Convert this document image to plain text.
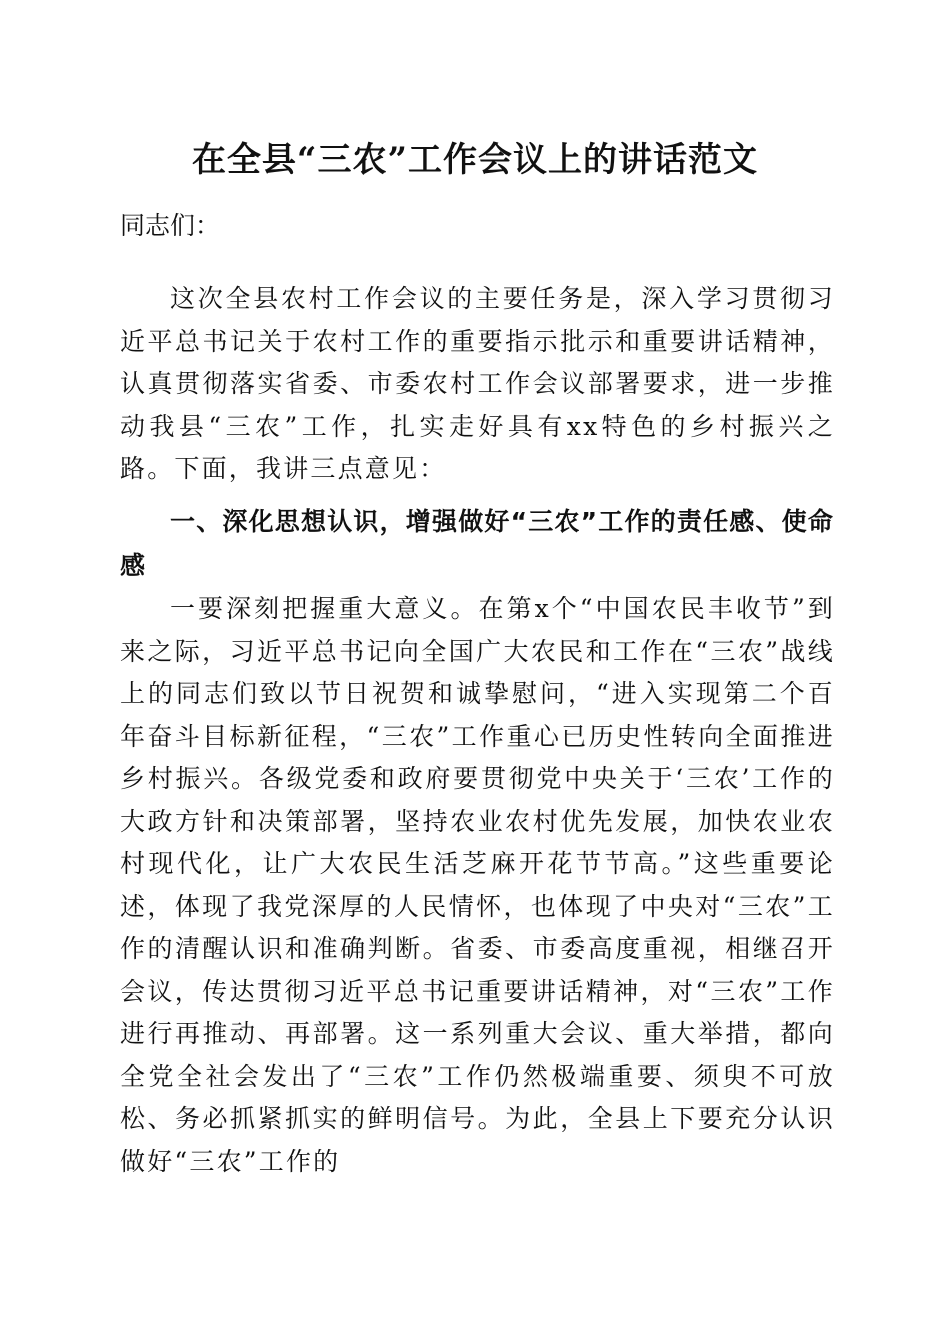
在全县“三农”工作会议上的讲话范文

同志们：

这次全县农村工作会议的主要任务是，深入学习贯彻习近平总书记关于农村工作的重要指示批示和重要讲话精神，认真贯彻落实省委、市委农村工作会议部署要求，进一步推动我县“三农”工作，扎实走好具有xx特色的乡村振兴之路。下面，我讲三点意见：

一、深化思想认识，增强做好“三农”工作的责任感、使命感

一要深刻把握重大意义。在第x个“中国农民丰收节”到来之际，习近平总书记向全国广大农民和工作在“三农”战线上的同志们致以节日祝贺和诚挚慰问，“进入实现第二个百年奋斗目标新征程，“三农”工作重心已历史性转向全面推进乡村振兴。各级党委和政府要贯彻党中央关于‘三农’工作的大政方针和决策部署，坚持农业农村优先发展，加快农业农村现代化，让广大农民生活芝麻开花节节高。”这些重要论述，体现了我党深厚的人民情怀，也体现了中央对“三农”工作的清醒认识和准确判断。省委、市委高度重视，相继召开会议，传达贯彻习近平总书记重要讲话精神，对“三农”工作进行再推动、再部署。这一系列重大会议、重大举措，都向全党全社会发出了“三农”工作仍然极端重要、须臾不可放松、务必抓紧抓实的鲜明信号。为此，全县上下要充分认识做好“三农”工作的
